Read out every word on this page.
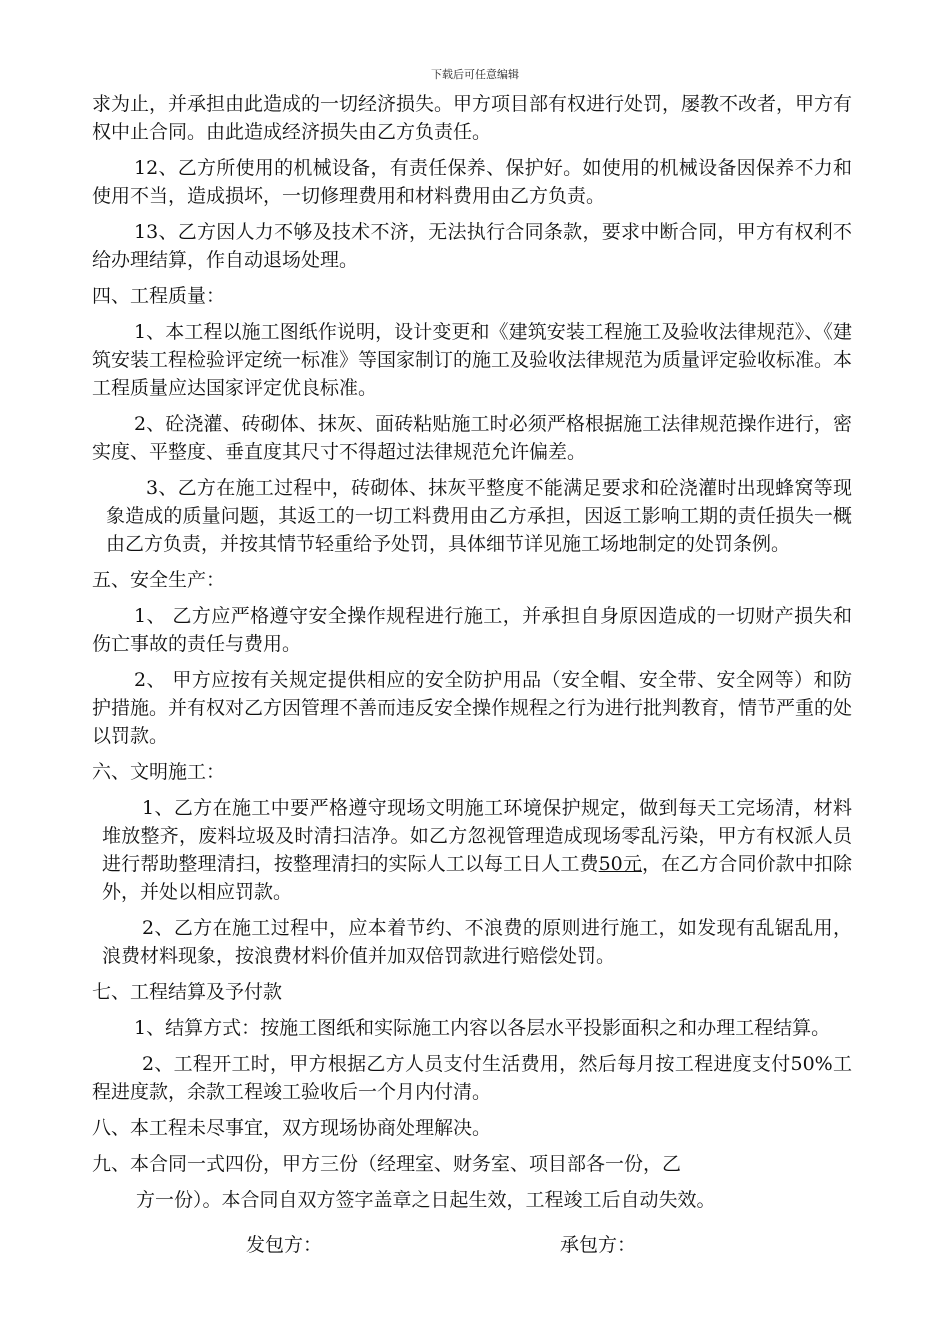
下载后可任意编辑

求为止，并承担由此造成的一切经济损失。甲方项目部有权进行处罚，屡教不改者，甲方有权中止合同。由此造成经济损失由乙方负责任。

12、乙方所使用的机械设备，有责任保养、保护好。如使用的机械设备因保养不力和使用不当，造成损坏，一切修理费用和材料费用由乙方负责。

13、乙方因人力不够及技术不济，无法执行合同条款，要求中断合同，甲方有权利不给办理结算，作自动退场处理。

四、工程质量：

1、本工程以施工图纸作说明，设计变更和《建筑安装工程施工及验收法律规范》、《建筑安装工程检验评定统一标准》等国家制订的施工及验收法律规范为质量评定验收标准。本工程质量应达国家评定优良标准。

2、砼浇灌、砖砌体、抹灰、面砖粘贴施工时必须严格根据施工法律规范操作进行，密实度、平整度、垂直度其尺寸不得超过法律规范允许偏差。

3、乙方在施工过程中，砖砌体、抹灰平整度不能满足要求和砼浇灌时出现蜂窝等现象造成的质量问题，其返工的一切工料费用由乙方承担，因返工影响工期的责任损失一概由乙方负责，并按其情节轻重给予处罚，具体细节详见施工场地制定的处罚条例。

五、安全生产：

1、 乙方应严格遵守安全操作规程进行施工，并承担自身原因造成的一切财产损失和伤亡事故的责任与费用。

2、 甲方应按有关规定提供相应的安全防护用品（安全帽、安全带、安全网等）和防护措施。并有权对乙方因管理不善而违反安全操作规程之行为进行批判教育，情节严重的处以罚款。

六、文明施工：

1、乙方在施工中要严格遵守现场文明施工环境保护规定，做到每天工完场清，材料堆放整齐，废料垃圾及时清扫洁净。如乙方忽视管理造成现场零乱污染，甲方有权派人员进行帮助整理清扫，按整理清扫的实际人工以每工日人工费50元，在乙方合同价款中扣除外，并处以相应罚款。

2、乙方在施工过程中，应本着节约、不浪费的原则进行施工，如发现有乱锯乱用，浪费材料现象，按浪费材料价值并加双倍罚款进行赔偿处罚。

七、工程结算及予付款

1、结算方式：按施工图纸和实际施工内容以各层水平投影面积之和办理工程结算。

2、工程开工时，甲方根据乙方人员支付生活费用，然后每月按工程进度支付50%工程进度款，余款工程竣工验收后一个月内付清。

八、本工程未尽事宜，双方现场协商处理解决。

九、本合同一式四份，甲方三份（经理室、财务室、项目部各一份，乙

方一份）。本合同自双方签字盖章之日起生效，工程竣工后自动失效。

发包方：	承包方：
